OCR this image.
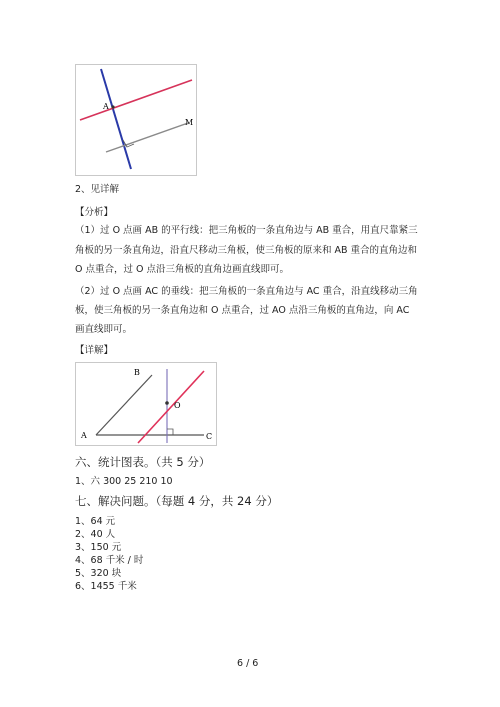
A
M
2、见详解
【分析】
（1）过 O 点画 AB 的平行线：把三角板的一条直角边与 AB 重合，用直尺靠紧三
角板的另一条直角边，沿直尺移动三角板，使三角板的原来和 AB 重合的直角边和
O 点重合，过 O 点沿三角板的直角边画直线即可。
（2）过 O 点画 AC 的垂线：把三角板的一条直角边与 AC 重合，沿直线移动三角
板，使三角板的另一条直角边和 O 点重合，过 AO 点沿三角板的直角边，向 AC
画直线即可。
【详解】
A
B
C
O
六、统计图表。（共 5 分）
1、六 300 25 210 10
七、解决问题。（每题 4 分，共 24 分）
1、64 元
2、40 人
3、150 元
4、68 千米 / 时
5、320 块
6、1455 千米
6 / 6
